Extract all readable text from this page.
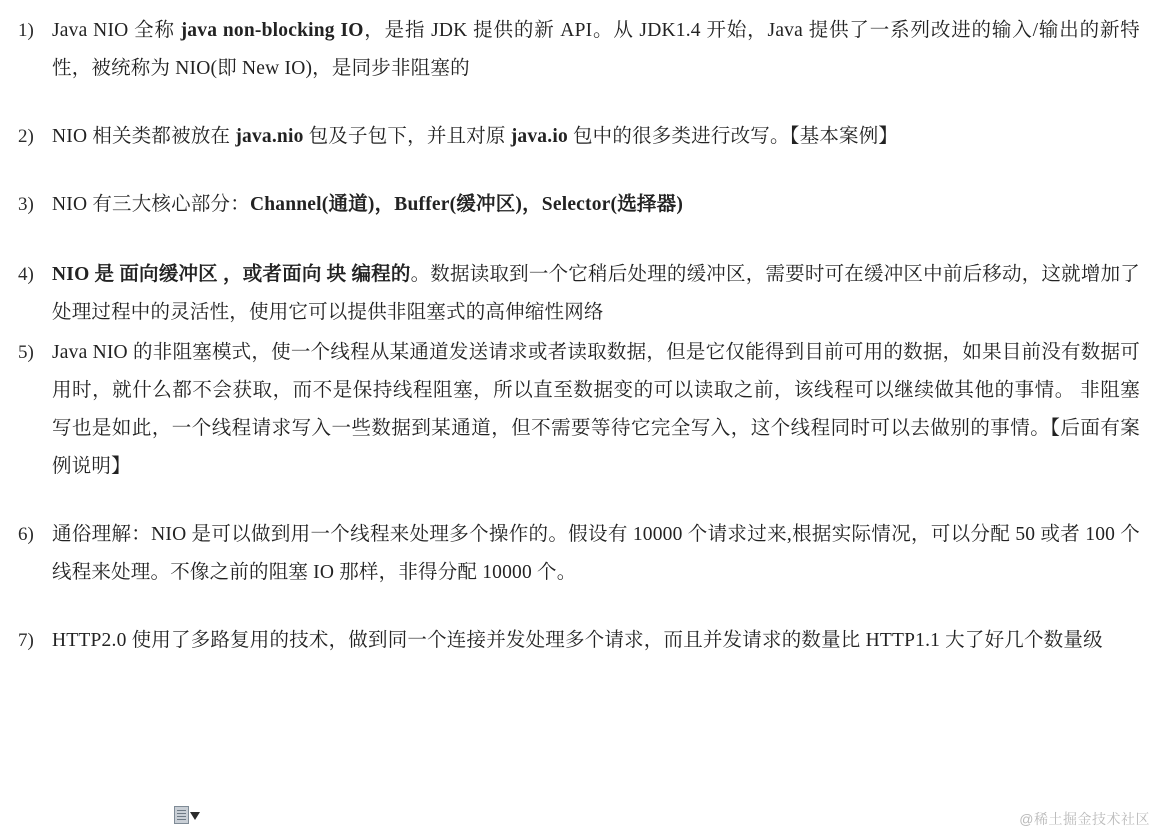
1) Java NIO 全称 java non-blocking IO，是指 JDK 提供的新 API。从 JDK1.4 开始，Java 提供了一系列改进的输入/输出的新特性，被统称为 NIO(即 New IO)，是同步非阻塞的
2) NIO 相关类都被放在 java.nio 包及子包下，并且对原 java.io 包中的很多类进行改写。【基本案例】
3) NIO 有三大核心部分：Channel(通道)，Buffer(缓冲区)，Selector(选择器)
4) NIO 是 面向缓冲区 ，或者面向 块 编程的。数据读取到一个它稍后处理的缓冲区，需要时可在缓冲区中前后移动，这就增加了处理过程中的灵活性，使用它可以提供非阻塞式的高伸缩性网络
5) Java NIO 的非阻塞模式，使一个线程从某通道发送请求或者读取数据，但是它仅能得到目前可用的数据，如果目前没有数据可用时，就什么都不会获取，而不是保持线程阻塞，所以直至数据变的可以读取之前，该线程可以继续做其他的事情。 非阻塞写也是如此，一个线程请求写入一些数据到某通道，但不需要等待它完全写入，这个线程同时可以去做别的事情。【后面有案例说明】
6) 通俗理解：NIO 是可以做到用一个线程来处理多个操作的。假设有 10000 个请求过来,根据实际情况，可以分配 50 或者 100 个线程来处理。不像之前的阻塞 IO 那样，非得分配 10000 个。
7) HTTP2.0 使用了多路复用的技术，做到同一个连接并发处理多个请求，而且并发请求的数量比 HTTP1.1 大了好几个数量级
@稀土掘金技术社区
